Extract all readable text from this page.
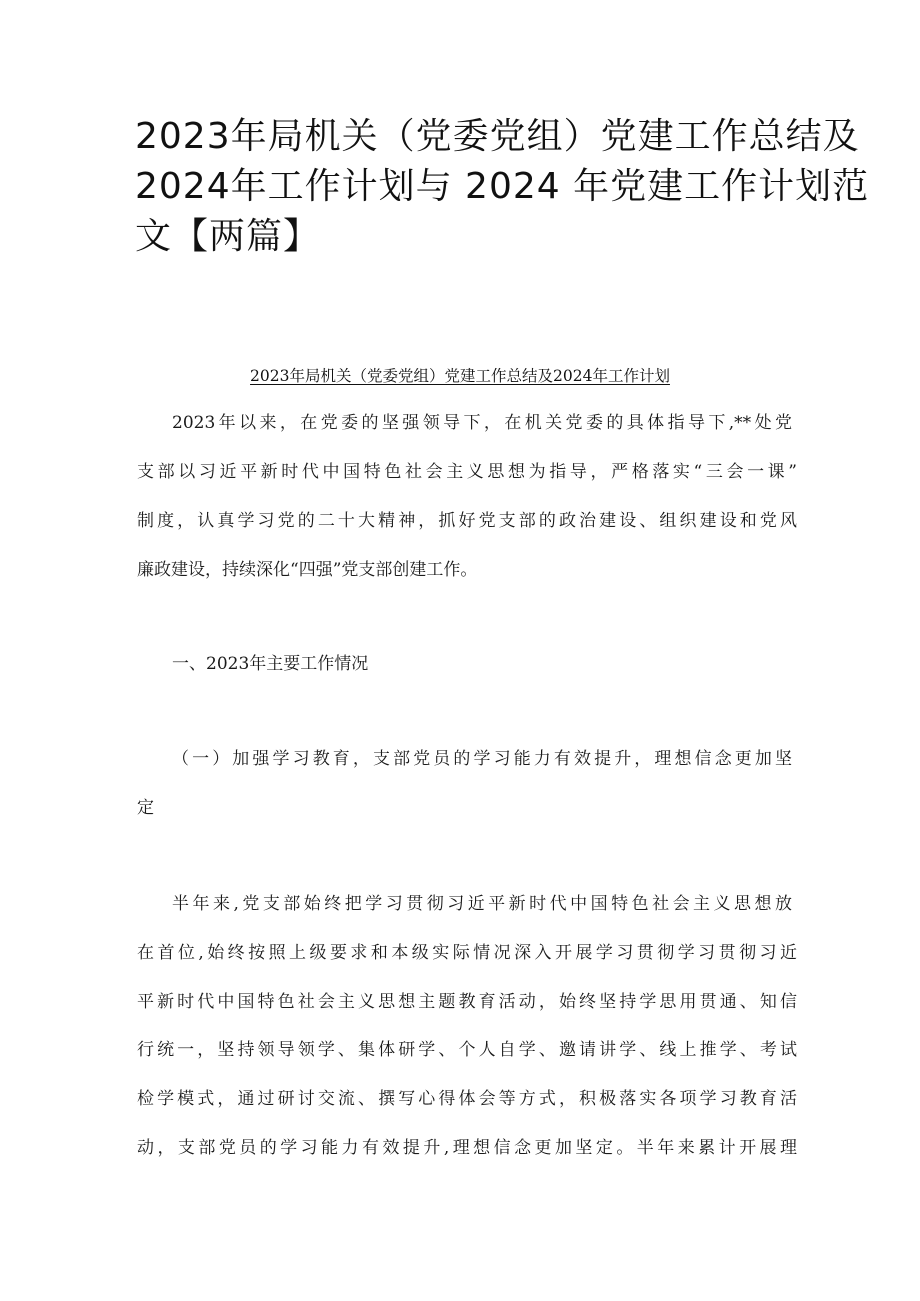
2023年局机关（党委党组）党建工作总结及
2024年工作计划与 2024 年党建工作计划范
文【两篇】
2023年局机关（党委党组）党建工作总结及2024年工作计划
2023年以来，在党委的坚强领导下，在机关党委的具体指导下,**处党
支部以习近平新时代中国特色社会主义思想为指导，严格落实“三会一课”
制度，认真学习党的二十大精神，抓好党支部的政治建设、组织建设和党风
廉政建设，持续深化“四强”党支部创建工作。
一、2023年主要工作情况
（一）加强学习教育，支部党员的学习能力有效提升，理想信念更加坚
定
半年来,党支部始终把学习贯彻习近平新时代中国特色社会主义思想放
在首位,始终按照上级要求和本级实际情况深入开展学习贯彻学习贯彻习近
平新时代中国特色社会主义思想主题教育活动，始终坚持学思用贯通、知信
行统一，坚持领导领学、集体研学、个人自学、邀请讲学、线上推学、考试
检学模式，通过研讨交流、撰写心得体会等方式，积极落实各项学习教育活
动，支部党员的学习能力有效提升,理想信念更加坚定。半年来累计开展理
